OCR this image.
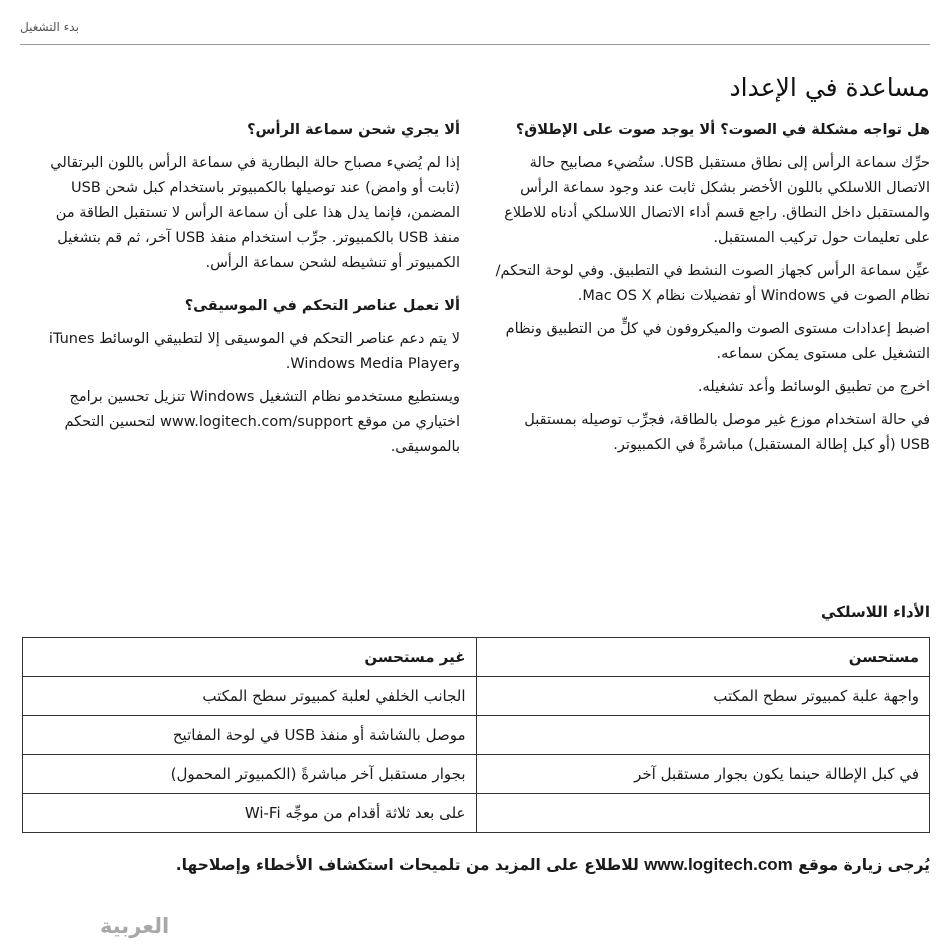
بدء التشغيل
مساعدة في الإعداد
هل تواجه مشكلة في الصوت؟ ألا يوجد صوت على الإطلاق؟

حرِّك سماعة الرأس إلى نطاق مستقبل USB. ستُضيء مصابيح حالة الاتصال اللاسلكي باللون الأخضر بشكل ثابت عند وجود سماعة الرأس والمستقبل داخل النطاق. راجع قسم أداء الاتصال اللاسلكي أدناه للاطلاع على تعليمات حول تركيب المستقبل.

عيِّن سماعة الرأس كجهاز الصوت النشط في التطبيق. وفي لوحة التحكم/نظام الصوت في Windows أو تفضيلات نظام Mac OS X.

اضبط إعدادات مستوى الصوت والميكروفون في كلٍّ من التطبيق ونظام التشغيل على مستوى يمكن سماعه.

اخرج من تطبيق الوسائط وأعد تشغيله.

في حالة استخدام موزع غير موصل بالطاقة، فجرِّب توصيله بمستقبل USB (أو كبل إطالة المستقبل) مباشرةً في الكمبيوتر.

ألا يجري شحن سماعة الرأس؟

إذا لم يُضيء مصباح حالة البطارية في سماعة الرأس باللون البرتقالي (ثابت أو وامض) عند توصيلها بالكمبيوتر باستخدام كبل شحن USB المضمن، فإنما يدل هذا على أن سماعة الرأس لا تستقبل الطاقة من منفذ USB بالكمبيوتر. جرِّب استخدام منفذ USB آخر، ثم قم بتشغيل الكمبيوتر أو تنشيطه لشحن سماعة الرأس.

ألا تعمل عناصر التحكم في الموسيقى؟

لا يتم دعم عناصر التحكم في الموسيقى إلا لتطبيقي الوسائط iTunes وWindows Media Player.

ويستطيع مستخدمو نظام التشغيل Windows تنزيل تحسين برامج اختياري من موقع www.logitech.com/support لتحسين التحكم بالموسيقى.

الأداء اللاسلكي
مستحسن	غير مستحسن
واجهة علبة كمبيوتر سطح المكتب	الجانب الخلفي لعلبة كمبيوتر سطح المكتب
	موصل بالشاشة أو منفذ USB في لوحة المفاتيح
في كبل الإطالة حينما يكون بجوار مستقبل آخر	بجوار مستقبل آخر مباشرةً (الكمبيوتر المحمول)
	على بعد ثلاثة أقدام من موجِّه Wi-Fi

يُرجى زيارة موقع www.logitech.com للاطلاع على المزيد من تلميحات استكشاف الأخطاء وإصلاحها.

العربية
